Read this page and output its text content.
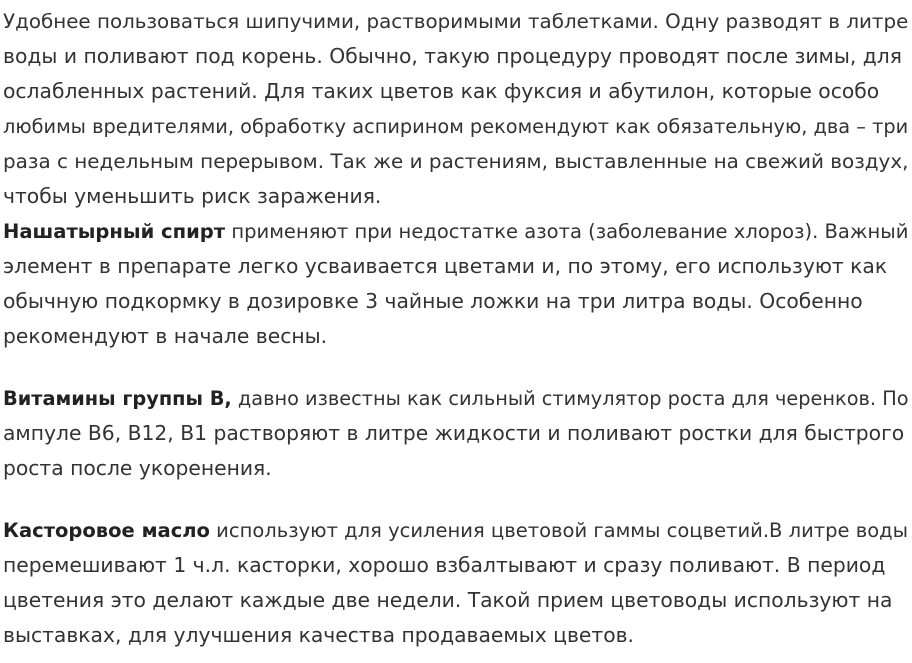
Удобнее пользоваться шипучими, растворимыми таблетками. Одну разводят в литре
воды и поливают под корень. Обычно, такую процедуру проводят после зимы, для
ослабленных растений. Для таких цветов как фуксия и абутилон, которые особо
любимы вредителями, обработку аспирином рекомендуют как обязательную, два – три
раза с недельным перерывом. Так же и растениям, выставленные на свежий воздух,
чтобы уменьшить риск заражения.

Нашатырный спирт применяют при недостатке азота (заболевание хлороз). Важный
элемент в препарате легко усваивается цветами и, по этому, его используют как
обычную подкормку в дозировке 3 чайные ложки на три литра воды. Особенно
рекомендуют в начале весны.

Витамины группы В, давно известны как сильный стимулятор роста для черенков. По
ампуле В6, В12, В1 растворяют в литре жидкости и поливают ростки для быстрого
роста после укоренения.

Касторовое масло используют для усиления цветовой гаммы соцветий.В литре воды
перемешивают 1 ч.л. касторки, хорошо взбалтывают и сразу поливают. В период
цветения это делают каждые две недели. Такой прием цветоводы используют на
выставках, для улучшения качества продаваемых цветов.
